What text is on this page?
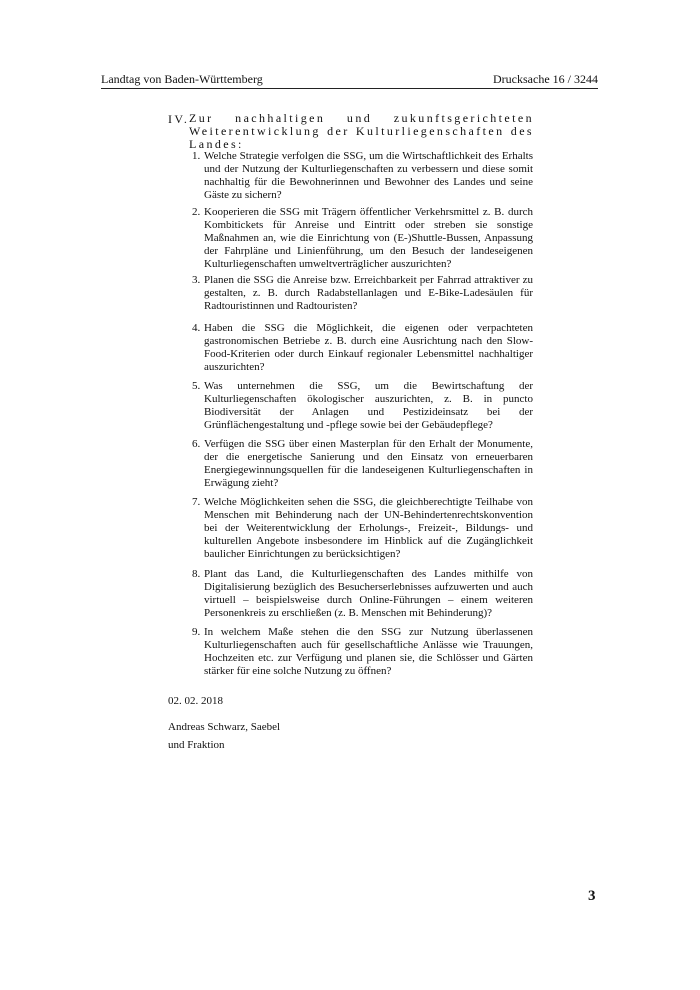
Landtag von Baden-Württemberg	Drucksache 16 / 3244
IV. Zur nachhaltigen und zukunftsgerichteten Weiterentwicklung der Kulturliegenschaften des Landes:
1. Welche Strategie verfolgen die SSG, um die Wirtschaftlichkeit des Erhalts und der Nutzung der Kulturliegenschaften zu verbessern und diese somit nachhaltig für die Bewohnerinnen und Bewohner des Landes und seine Gäste zu sichern?
2. Kooperieren die SSG mit Trägern öffentlicher Verkehrsmittel z. B. durch Kombitickets für Anreise und Eintritt oder streben sie sonstige Maßnahmen an, wie die Einrichtung von (E-)Shuttle-Bussen, Anpassung der Fahrpläne und Linienführung, um den Besuch der landeseigenen Kulturliegenschaften umweltverträglicher auszurichten?
3. Planen die SSG die Anreise bzw. Erreichbarkeit per Fahrrad attraktiver zu gestalten, z. B. durch Radabstellanlagen und E-Bike-Ladesäulen für Radtouristinnen und Radtouristen?
4. Haben die SSG die Möglichkeit, die eigenen oder verpachteten gastronomischen Betriebe z. B. durch eine Ausrichtung nach den Slow-Food-Kriterien oder durch Einkauf regionaler Lebensmittel nachhaltiger auszurichten?
5. Was unternehmen die SSG, um die Bewirtschaftung der Kulturliegenschaften ökologischer auszurichten, z. B. in puncto Biodiversität der Anlagen und Pestizideinsatz bei der Grünflächengestaltung und -pflege sowie bei der Gebäudepflege?
6. Verfügen die SSG über einen Masterplan für den Erhalt der Monumente, der die energetische Sanierung und den Einsatz von erneuerbaren Energiegewinnungsquellen für die landeseigenen Kulturliegenschaften in Erwägung zieht?
7. Welche Möglichkeiten sehen die SSG, die gleichberechtigte Teilhabe von Menschen mit Behinderung nach der UN-Behindertenrechtskonvention bei der Weiterentwicklung der Erholungs-, Freizeit-, Bildungs- und kulturellen Angebote insbesondere im Hinblick auf die Zugänglichkeit baulicher Einrichtungen zu berücksichtigen?
8. Plant das Land, die Kulturliegenschaften des Landes mithilfe von Digitalisierung bezüglich des Besucherserlebnisses aufzuwerten und auch virtuell – beispielsweise durch Online-Führungen – einem weiteren Personenkreis zu erschließen (z. B. Menschen mit Behinderung)?
9. In welchem Maße stehen die den SSG zur Nutzung überlassenen Kulturliegenschaften auch für gesellschaftliche Anlässe wie Trauungen, Hochzeiten etc. zur Verfügung und planen sie, die Schlösser und Gärten stärker für eine solche Nutzung zu öffnen?
02. 02. 2018
Andreas Schwarz, Saebel
und Fraktion
3
